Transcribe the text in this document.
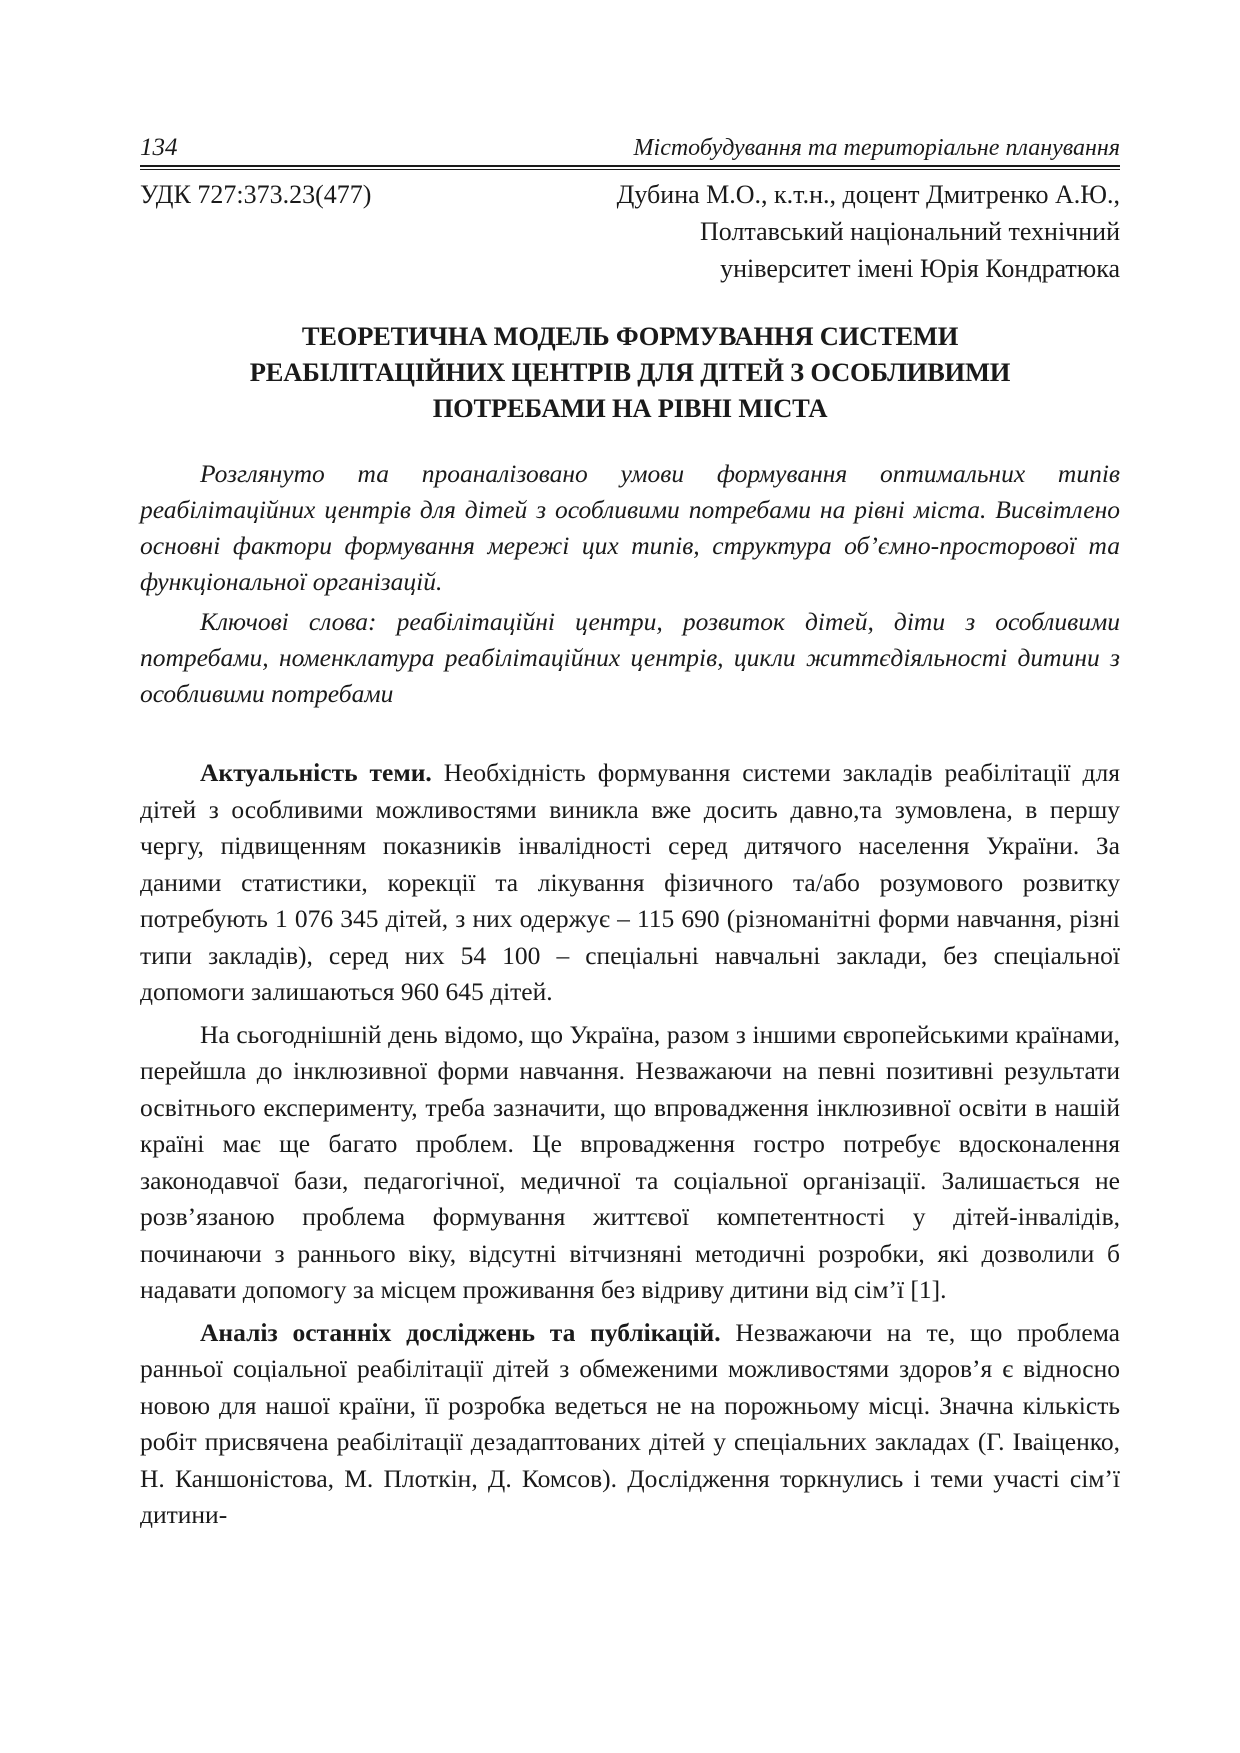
134	Містобудування та територіальне планування
УДК 727:373.23(477)	Дубина М.О., к.т.н., доцент Дмитренко А.Ю.,
Полтавський національний технічний
університет імені Юрія Кондратюка
ТЕОРЕТИЧНА МОДЕЛЬ ФОРМУВАННЯ СИСТЕМИ
РЕАБІЛІТАЦІЙНИХ ЦЕНТРІВ ДЛЯ ДІТЕЙ З ОСОБЛИВИМИ
ПОТРЕБАМИ НА РІВНІ МІСТА

Розглянуто та проаналізовано умови формування оптимальних типів реабілітаційних центрів для дітей з особливими потребами на рівні міста. Висвітлено основні фактори формування мережі цих типів, структура об’ємно-просторової та функціональної організацій.

Ключові слова: реабілітаційні центри, розвиток дітей, діти з особливими потребами, номенклатура реабілітаційних центрів, цикли життєдіяльності дитини з особливими потребами

Актуальність теми. Необхідність формування системи закладів реабілітації для дітей з особливими можливостями виникла вже досить давно,та зумовлена, в першу чергу, підвищенням показників інвалідності серед дитячого населення України. За даними статистики, корекції та лікування фізичного та/або розумового розвитку потребують 1 076 345 дітей, з них одержує – 115 690 (різноманітні форми навчання, різні типи закладів), серед них 54 100 – спеціальні навчальні заклади, без спеціальної допомоги залишаються 960 645 дітей.

На сьогоднішній день відомо, що Україна, разом з іншими європейськими країнами, перейшла до інклюзивної форми навчання. Незважаючи на певні позитивні результати освітнього експерименту, треба зазначити, що впровадження інклюзивної освіти в нашій країні має ще багато проблем. Це впровадження гостро потребує вдосконалення законодавчої бази, педагогічної, медичної та соціальної організації. Залишається не розв’язаною проблема формування життєвої компетентності у дітей-інвалідів, починаючи з раннього віку, відсутні вітчизняні методичні розробки, які дозволили б надавати допомогу за місцем проживання без відриву дитини від сім’ї [1].

Аналіз останніх досліджень та публікацій. Незважаючи на те, що проблема ранньої соціальної реабілітації дітей з обмеженими можливостями здоров’я є відносно новою для нашої країни, її розробка ведеться не на порожньому місці. Значна кількість робіт присвячена реабілітації дезадаптованих дітей у спеціальних закладах (Г. Іваіценко, Н. Каншоністова, М. Плоткін, Д. Комсов). Дослідження торкнулись і теми участі сім’ї дитини-
